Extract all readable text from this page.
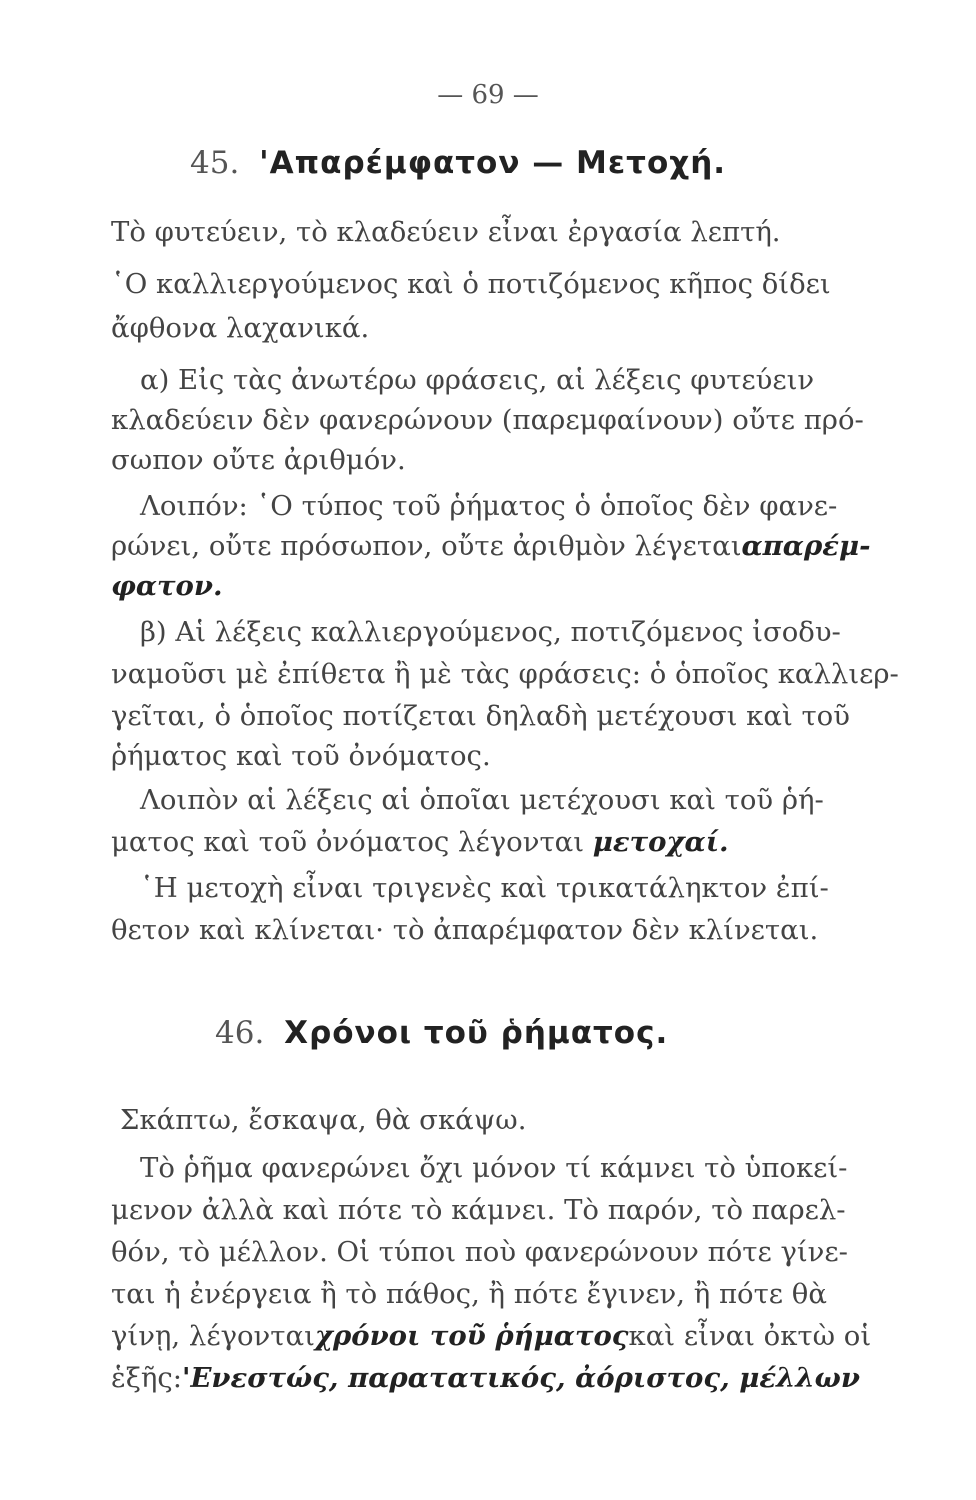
— 69 —
45. 'Απαρέμφατον — Μετοχή.
Τὸ φυτεύειν, τὸ κλαδεύειν εἶναι ἐργασία λεπτή.
῾Ο καλλιεργούμενος καὶ ὁ ποτιζόμενος κῆπος δίδει
ἄφθονα λαχανικά.
α) Εἰς τὰς ἀνωτέρω φράσεις, αἱ λέξεις φυτεύειν
κλαδεύειν δὲν φανερώνουν (παρεμφαίνουν) οὔτε πρό-
σωπον οὔτε ἀριθμόν.
Λοιπόν: ῾Ο τύπος τοῦ ῥήματος ὁ ὁποῖος δὲν φανε-
ρώνει, οὔτε πρόσωπον, οὔτε ἀριθμὸν λέγεται απαρέμ-
φατον.
β) Αἱ λέξεις καλλιεργούμενος, ποτιζόμενος ἰσοδυ-
ναμοῦσι μὲ ἐπίθετα ἢ μὲ τὰς φράσεις: ὁ ὁποῖος καλλιερ-
γεῖται, ὁ ὁποῖος ποτίζεται δηλαδὴ μετέχουσι καὶ τοῦ
ῥήματος καὶ τοῦ ὀνόματος.
Λοιπὸν αἱ λέξεις αἱ ὁποῖαι μετέχουσι καὶ τοῦ ῥή-
ματος καὶ τοῦ ὀνόματος λέγονται
μετοχαί.
῾Η μετοχὴ εἶναι τριγενὲς καὶ τρικατάληκτον ἐπί-
θετον καὶ κλίνεται· τὸ ἀπαρέμφατον δὲν κλίνεται.
46. Χρόνοι τοῦ ῥήματος.
Σκάπτω, ἔσκαψα, θὰ σκάψω.
Τὸ ῥῆμα φανερώνει ὄχι μόνον τί κάμνει τὸ ὑποκεί-
μενον ἀλλὰ καὶ πότε τὸ κάμνει. Τὸ παρόν, τὸ παρελ-
θόν, τὸ μέλλον. Οἱ τύποι ποὺ φανερώνουν πότε γίνε-
ται ἡ ἐνέργεια ἢ τὸ πάθος, ἢ πότε ἔγινεν, ἢ πότε θὰ
γίνῃ, λέγονται χρόνοι τοῦ ῥήματος καὶ εἶναι ὀκτὼ οἱ
ἑξῆς: 'Ενεστώς, παρατατικός, ἀόριστος, μέλλων
